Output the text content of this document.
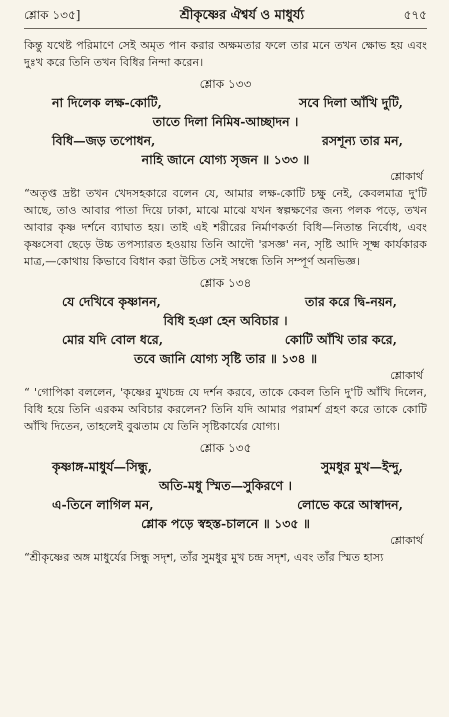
শ্লোক ১৩৫]	শ্রীকৃষ্ণের ঐশ্বর্য ও মাধুর্য্য	৫৭৫

কিন্তু যথেষ্ট পরিমাণে সেই অমৃত পান করার অক্ষমতার ফলে তার মনে তখন ক্ষোভ হয় এবং দুঃখ করে তিনি তখন বিধির নিন্দা করেন।

শ্লোক ১৩৩
না দিলেক লক্ষ-কোটি,	সবে দিলা আঁখি দুটি,
তাতে দিলা নিমিষ-আচ্ছাদন ।
বিধি—জড় তপোধন,	রসশূন্য তার মন,
নাহি জানে যোগ্য সৃজন ॥ ১৩৩ ॥
শ্লোকার্থ

“অতৃপ্ত দ্রষ্টা তখন খেদসহকারে বলেন যে, আমার লক্ষ-কোটি চক্ষু নেই, কেবলমাত্র দু'টি আছে, তাও আবার পাতা দিয়ে ঢাকা, মাঝে মাঝে যখন স্বল্পক্ষণের জন্য পলক পড়ে, তখন আবার কৃষ্ণ দর্শনে ব্যাঘাত হয়। তাই এই শরীরের নির্মাণকর্তা বিধি—নিতান্ত নির্বোধ, এবং কৃষ্ণসেবা ছেড়ে উচ্চ তপস্যারত হওয়ায় তিনি আদৌ 'রসজ্ঞ' নন, সৃষ্টি আদি সূক্ষ্ম কার্যকারক মাত্র,—কোথায় কিভাবে বিধান করা উচিত সেই সম্বন্ধে তিনি সম্পূর্ণ অনভিজ্ঞ।

শ্লোক ১৩৪
যে দেখিবে কৃষ্ণানন,	তার করে দ্বি-নয়ন,
বিধি হঞা হেন অবিচার ।
মোর যদি বোল ধরে,	কোটি আঁখি তার করে,
তবে জানি যোগ্য সৃষ্টি তার ॥ ১৩৪ ॥
শ্লোকার্থ

“ 'গোপিকা বললেন, 'কৃষ্ণের মুখচন্দ্র যে দর্শন করবে, তাকে কেবল তিনি দু'টি আঁখি দিলেন, বিধি হয়ে তিনি এরকম অবিচার করলেন? তিনি যদি আমার পরামর্শ গ্রহণ করে তাকে কোটি আঁখি দিতেন, তাহলেই বুঝতাম যে তিনি সৃষ্টিকার্যের যোগ্য।

শ্লোক ১৩৫
কৃষ্ণাঙ্গ-মাধুর্য—সিন্ধু,	সুমধুর মুখ—ইন্দু,
অতি-মধু স্মিত—সুকিরণে ।
এ-তিনে লাগিল মন,	লোভে করে আস্বাদন,
শ্লোক পড়ে স্বহস্ত-চালনে ॥ ১৩৫ ॥
শ্লোকার্থ

“শ্রীকৃষ্ণের অঙ্গ মাধুর্যের সিন্ধু সদৃশ, তাঁর সুমধুর মুখ চন্দ্র সদৃশ, এবং তাঁর স্মিত হাস্য
